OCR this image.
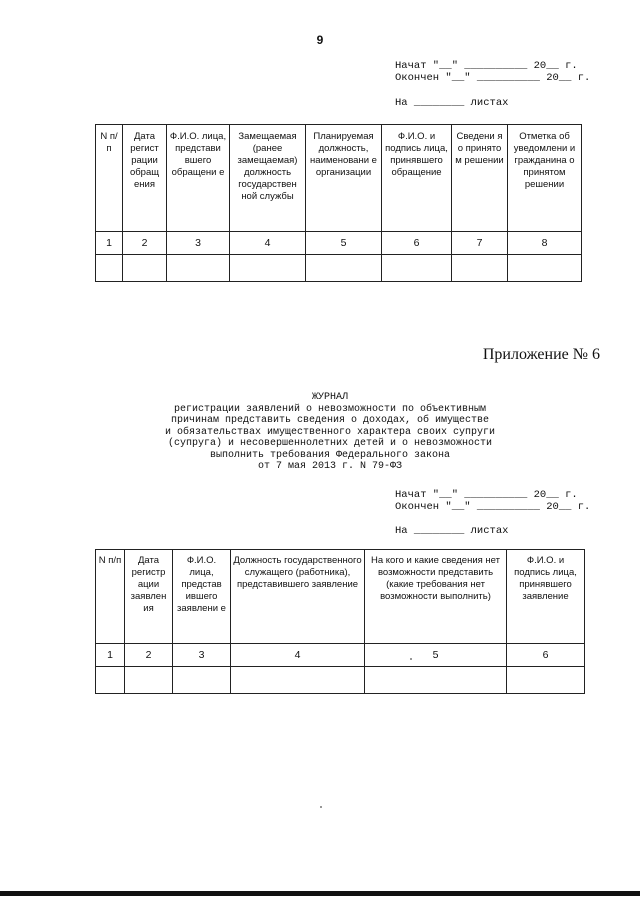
9
Начат "__" __________ 20__ г.
Окончен "__" __________ 20__ г.
На ________ листах
N п/п	Дата регист рации обращ ения	Ф.И.О. лица, представи вшего обращени е	Замещаемая (ранее замещаемая) должность государствен ной службы	Планируемая должность, наименовани е организации	Ф.И.О. и подпись лица, принявшего обращение	Сведени я о принято м решении	Отметка об уведомлени и гражданина о принятом решении
1	2	3	4	5	6	7	8

Приложение № 6
ЖУРНАЛ
регистрации заявлений о невозможности по объективным
причинам представить сведения о доходах, об имуществе
и обязательствах имущественного характера своих супруги
(супруга) и несовершеннолетних детей и о невозможности
выполнить требования Федерального закона
от 7 мая 2013 г. N 79-ФЗ
Начат "__" __________ 20__ г.
Окончен "__" __________ 20__ г.
На ________ листах
N п/п	Дата регистр ации заявлен ия	Ф.И.О. лица, представ ившего заявлени е	Должность государственного служащего (работника), представившего заявление	На кого и какие сведения нет возможности представить (какие требования нет возможности выполнить)	Ф.И.О. и подпись лица, принявшего заявление
1	2	3	4	5	6
